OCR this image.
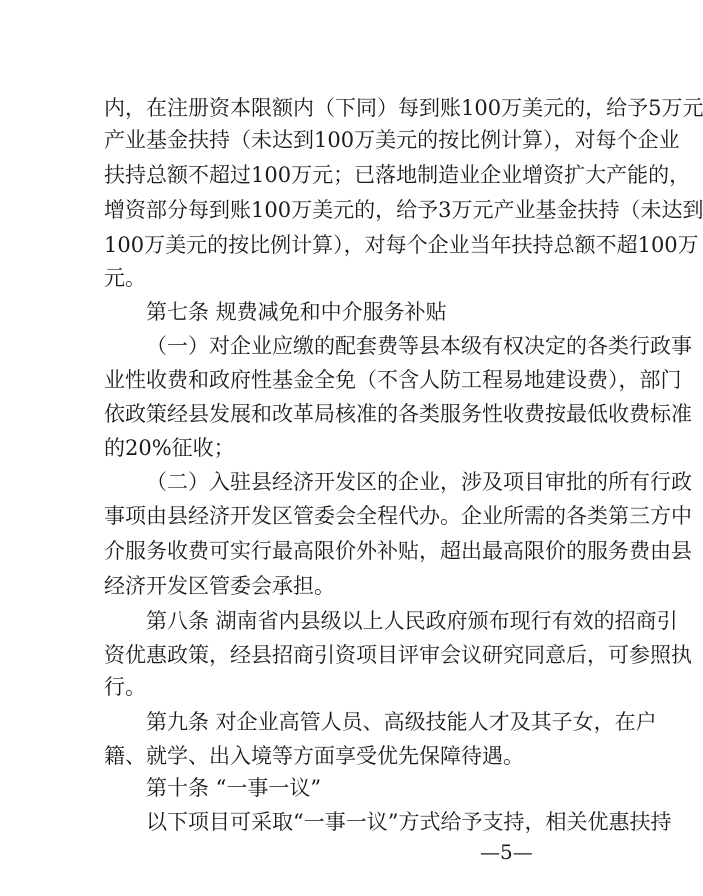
内，在注册资本限额内（下同）每到账100万美元的，给予5万元
产业基金扶持（未达到100万美元的按比例计算），对每个企业
扶持总额不超过100万元；已落地制造业企业增资扩大产能的，
增资部分每到账100万美元的，给予3万元产业基金扶持（未达到
100万美元的按比例计算），对每个企业当年扶持总额不超100万
元。
第七条 规费减免和中介服务补贴
（一）对企业应缴的配套费等县本级有权决定的各类行政事
业性收费和政府性基金全免（不含人防工程易地建设费），部门
依政策经县发展和改革局核准的各类服务性收费按最低收费标准
的20%征收；
（二）入驻县经济开发区的企业，涉及项目审批的所有行政
事项由县经济开发区管委会全程代办。企业所需的各类第三方中
介服务收费可实行最高限价外补贴，超出最高限价的服务费由县
经济开发区管委会承担。
第八条 湖南省内县级以上人民政府颁布现行有效的招商引
资优惠政策，经县招商引资项目评审会议研究同意后，可参照执
行。
第九条 对企业高管人员、高级技能人才及其子女，在户
籍、就学、出入境等方面享受优先保障待遇。
第十条 “一事一议”
以下项目可采取“一事一议”方式给予支持，相关优惠扶持
—5—
